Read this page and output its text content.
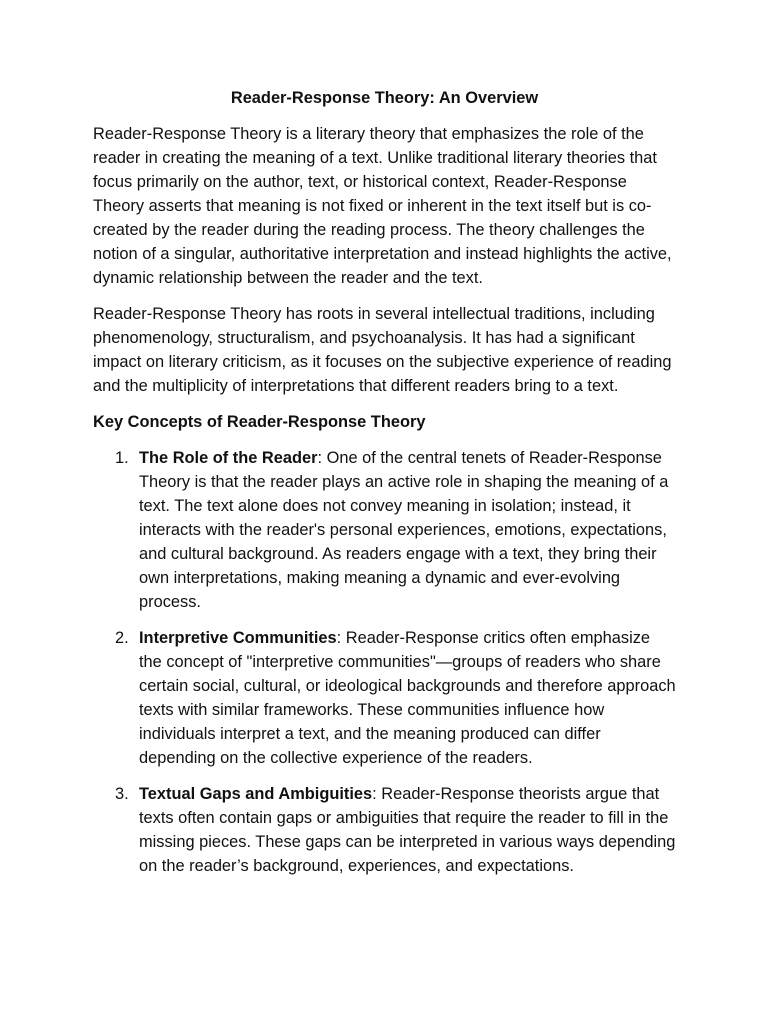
Reader-Response Theory: An Overview

Reader-Response Theory is a literary theory that emphasizes the role of the reader in creating the meaning of a text. Unlike traditional literary theories that focus primarily on the author, text, or historical context, Reader-Response Theory asserts that meaning is not fixed or inherent in the text itself but is co-created by the reader during the reading process. The theory challenges the notion of a singular, authoritative interpretation and instead highlights the active, dynamic relationship between the reader and the text.

Reader-Response Theory has roots in several intellectual traditions, including phenomenology, structuralism, and psychoanalysis. It has had a significant impact on literary criticism, as it focuses on the subjective experience of reading and the multiplicity of interpretations that different readers bring to a text.

Key Concepts of Reader-Response Theory
1. The Role of the Reader: One of the central tenets of Reader-Response Theory is that the reader plays an active role in shaping the meaning of a text. The text alone does not convey meaning in isolation; instead, it interacts with the reader's personal experiences, emotions, expectations, and cultural background. As readers engage with a text, they bring their own interpretations, making meaning a dynamic and ever-evolving process.
2. Interpretive Communities: Reader-Response critics often emphasize the concept of "interpretive communities"—groups of readers who share certain social, cultural, or ideological backgrounds and therefore approach texts with similar frameworks. These communities influence how individuals interpret a text, and the meaning produced can differ depending on the collective experience of the readers.
3. Textual Gaps and Ambiguities: Reader-Response theorists argue that texts often contain gaps or ambiguities that require the reader to fill in the missing pieces. These gaps can be interpreted in various ways depending on the reader’s background, experiences, and expectations.
